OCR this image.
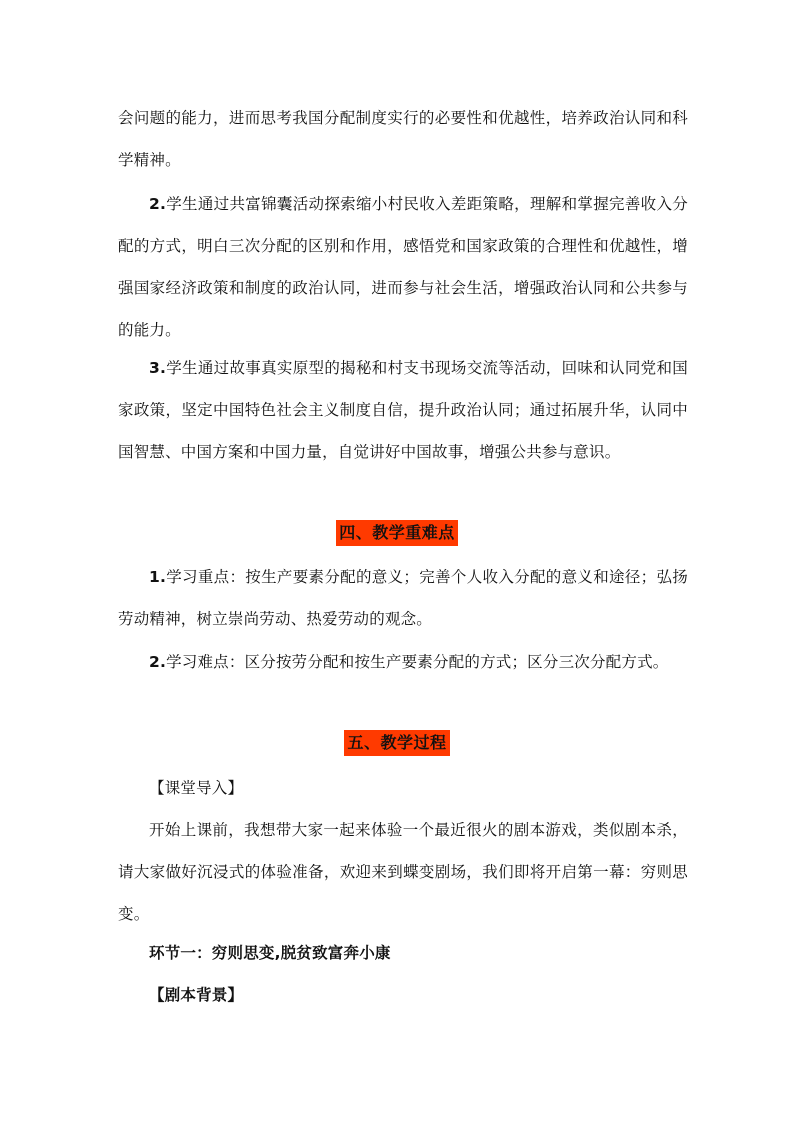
会问题的能力，进而思考我国分配制度实行的必要性和优越性，培养政治认同和科学精神。

2.学生通过共富锦囊活动探索缩小村民收入差距策略，理解和掌握完善收入分配的方式，明白三次分配的区别和作用，感悟党和国家政策的合理性和优越性，增强国家经济政策和制度的政治认同，进而参与社会生活，增强政治认同和公共参与的能力。

3.学生通过故事真实原型的揭秘和村支书现场交流等活动，回味和认同党和国家政策，坚定中国特色社会主义制度自信，提升政治认同；通过拓展升华，认同中国智慧、中国方案和中国力量，自觉讲好中国故事，增强公共参与意识。

四、教学重难点

1.学习重点：按生产要素分配的意义；完善个人收入分配的意义和途径；弘扬劳动精神，树立崇尚劳动、热爱劳动的观念。

2.学习难点：区分按劳分配和按生产要素分配的方式；区分三次分配方式。

五、教学过程

【课堂导入】

开始上课前，我想带大家一起来体验一个最近很火的剧本游戏，类似剧本杀，请大家做好沉浸式的体验准备，欢迎来到蝶变剧场，我们即将开启第一幕：穷则思变。

环节一：穷则思变,脱贫致富奔小康

【剧本背景】
